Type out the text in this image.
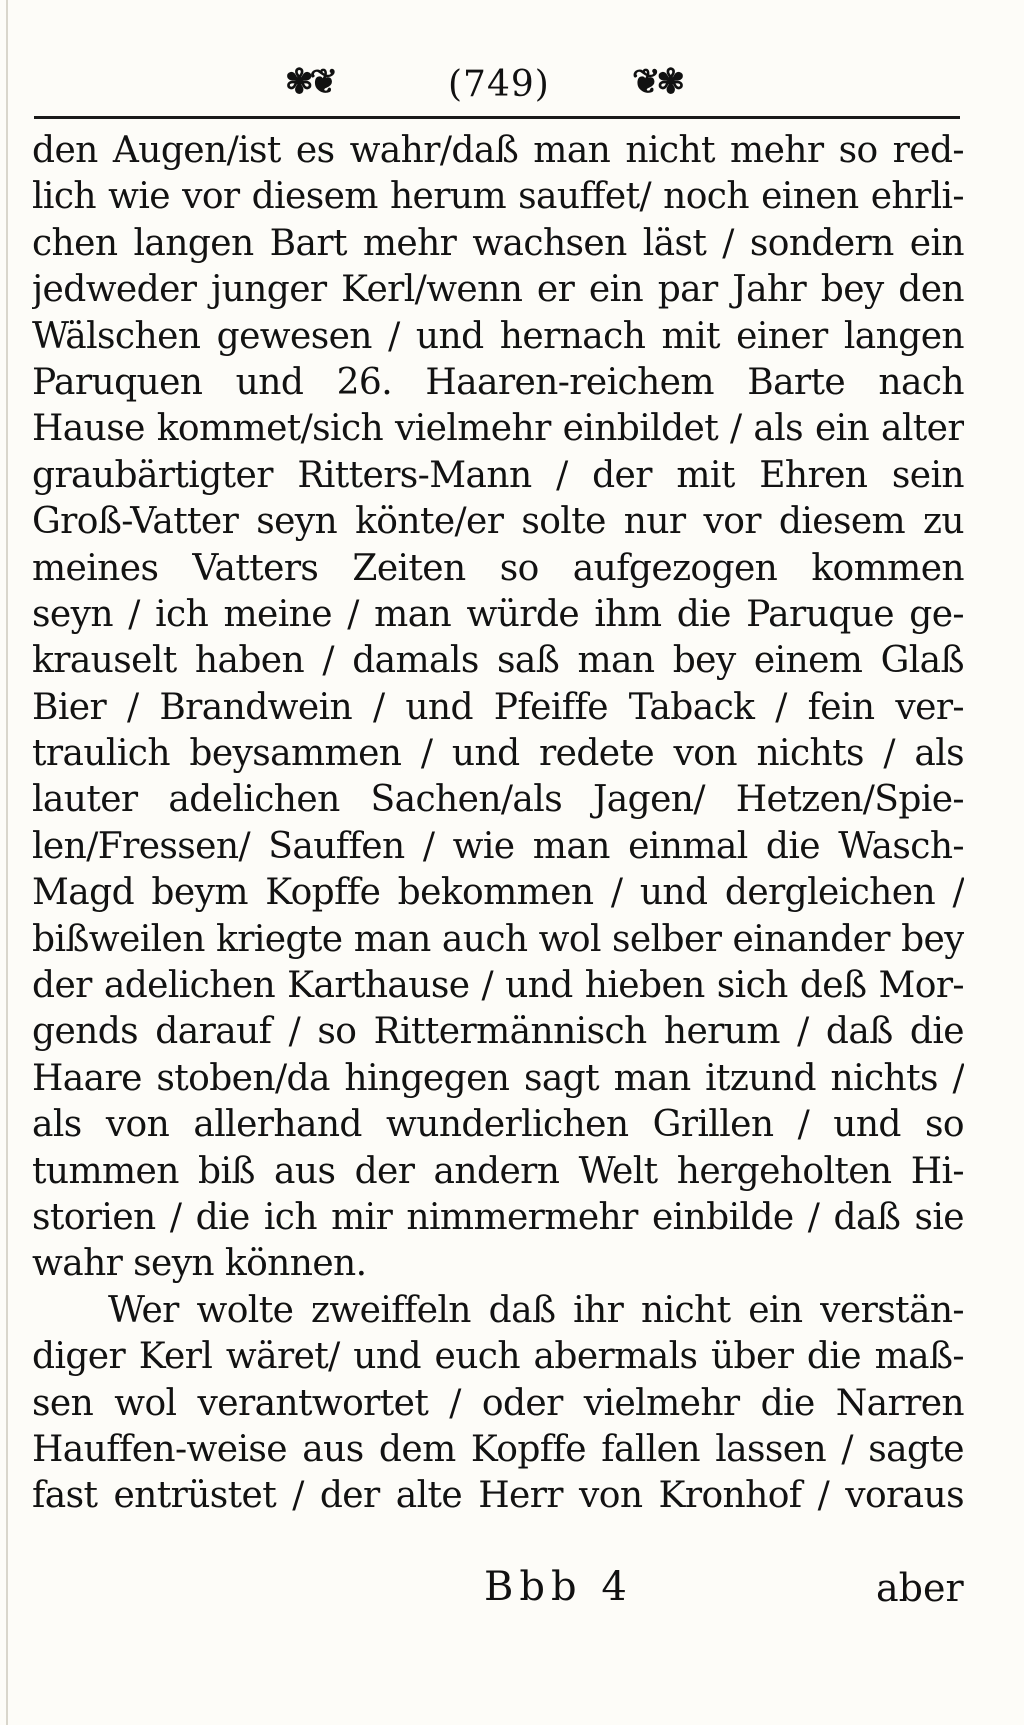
✾❦	(749) ❦✾
den Augen/ist es wahr/daß man nicht mehr so red-
lich wie vor diesem herum sauffet/ noch einen ehrli-
chen langen Bart mehr wachsen läst / sondern ein
jedweder junger Kerl/wenn er ein par Jahr bey den
Wälschen gewesen / und hernach mit einer langen
Paruquen und 26. Haaren-reichem Barte nach
Hause kommet/sich vielmehr einbildet / als ein alter
graubärtigter Ritters-Mann / der mit Ehren sein
Groß-Vatter seyn könte/er solte nur vor diesem zu
meines Vatters Zeiten so aufgezogen kommen
seyn / ich meine / man würde ihm die Paruque ge-
krauselt haben / damals saß man bey einem Glaß
Bier / Brandwein / und Pfeiffe Taback / fein ver-
traulich beysammen / und redete von nichts / als
lauter adelichen Sachen/als Jagen/ Hetzen/Spie-
len/Fressen/ Sauffen / wie man einmal die Wasch-
Magd beym Kopffe bekommen / und dergleichen /
bißweilen kriegte man auch wol selber einander bey
der adelichen Karthause / und hieben sich deß Mor-
gends darauf / so Rittermännisch herum / daß die
Haare stoben/da hingegen sagt man itzund nichts /
als von allerhand wunderlichen Grillen / und so
tummen biß aus der andern Welt hergeholten Hi-
storien / die ich mir nimmermehr einbilde / daß sie
wahr seyn können.
Wer wolte zweiffeln daß ihr nicht ein verstän-
diger Kerl wäret/ und euch abermals über die maß-
sen wol verantwortet / oder vielmehr die Narren
Hauffen-weise aus dem Kopffe fallen lassen / sagte
fast entrüstet / der alte Herr von Kronhof / voraus
Bbb 4	aber
